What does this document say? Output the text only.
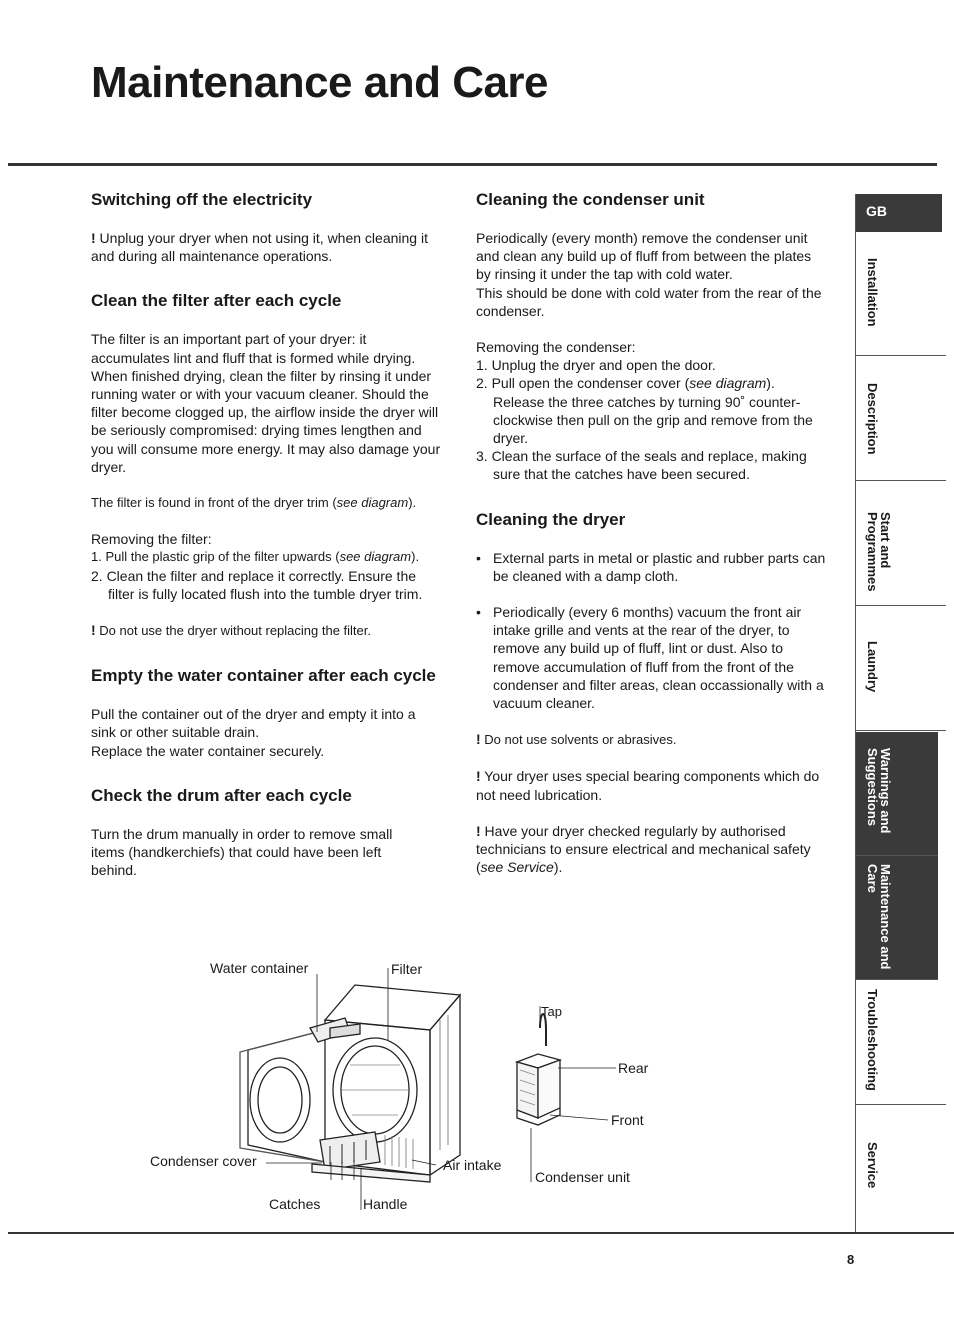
Maintenance and Care
Switching off the electricity

! Unplug your dryer when not using it, when cleaning it and during all maintenance operations.

Clean the filter after each cycle

The filter is an important part of your dryer: it accumulates lint and fluff that is formed while drying. When finished drying, clean the filter by rinsing it under running water or with your vacuum cleaner. Should the filter become clogged up, the airflow inside the dryer will be seriously compromised: drying times lengthen and you will consume more energy. It may also damage your dryer.

The filter is found in front of the dryer trim (see diagram).

Removing the filter:
1. Pull the plastic grip of the filter upwards (see diagram).
2. Clean the filter and replace it correctly. Ensure the filter is fully located flush into the tumble dryer trim.

! Do not use the dryer without replacing the filter.

Empty the water container after each cycle
Pull the container out of the dryer and empty it into a sink or other suitable drain.
Replace the water container securely.
Check the drum after each cycle

Turn the drum manually in order to remove small items (handkerchiefs) that could have been left behind.

Cleaning the condenser unit
Periodically (every month) remove the condenser unit and clean any build up of fluff from between the plates by rinsing it under the tap with cold water.

This should be done with cold water from the rear of the condenser.

Removing the condenser:
1. Unplug the dryer and open the door.
2. Pull open the condenser cover (see diagram). Release the three catches by turning 90˚ counter-clockwise then pull on the grip and remove from the dryer.
3. Clean the surface of the seals and replace, making sure that the catches have been secured.
Cleaning the dryer
• External parts in metal or plastic and rubber parts can be cleaned with a damp cloth.
• Periodically (every 6 months) vacuum the front air intake grille and vents at the rear of the dryer, to remove any build up of fluff, lint or dust. Also to remove accumulation of fluff from the front of the condenser and filter areas, clean occassionally with a vacuum cleaner.

! Do not use solvents or abrasives.

! Your dryer uses special bearing components which do not need lubrication.

! Have your dryer checked regularly by authorised technicians to ensure electrical and mechanical safety (see Service).

Water container	Filter
Condenser cover	Air intake
Catches	Handle
Tap
Rear
Front
Condenser unit
GB
Installation
Description
Start and
Programmes
Laundry
Warnings and
Suggestions
Maintenance and
Care
Troubleshooting
Service
8
